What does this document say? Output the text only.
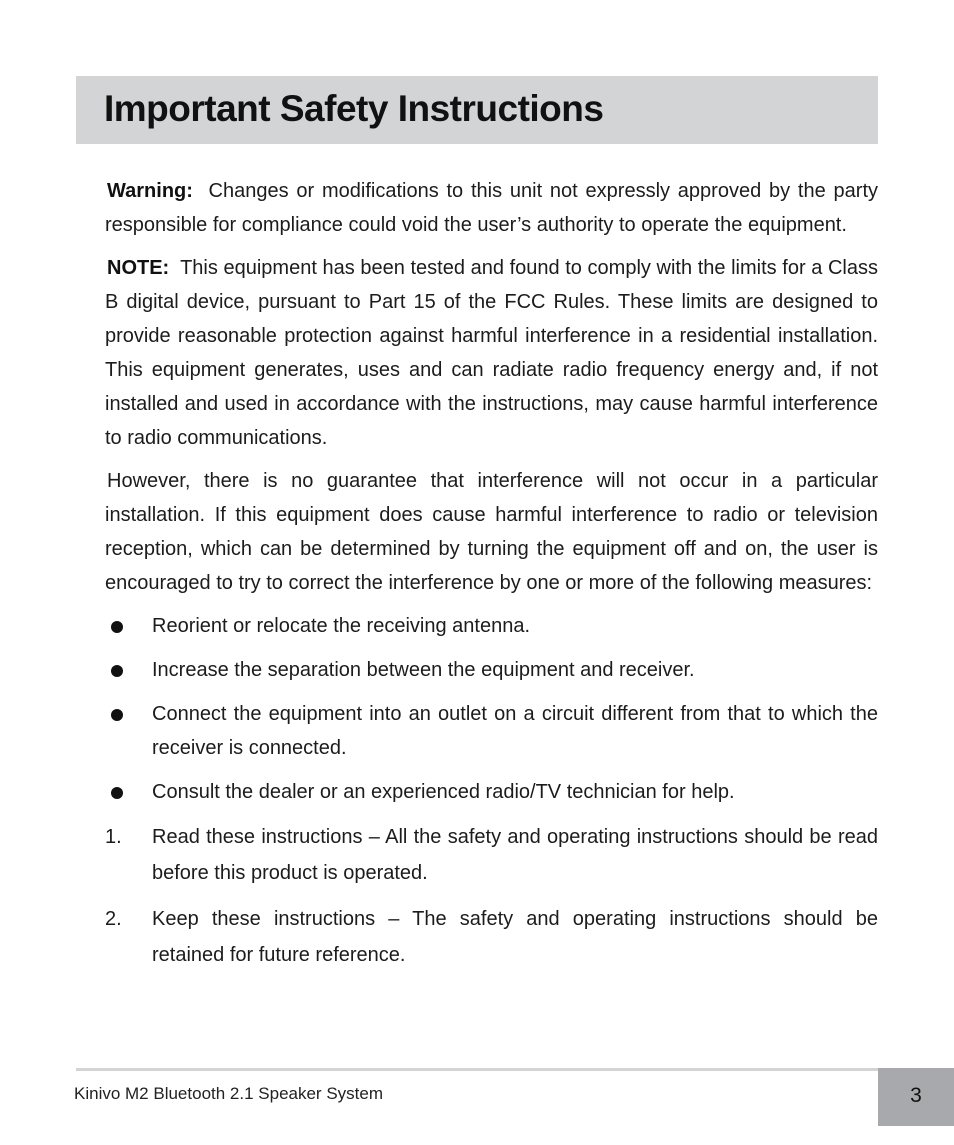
Important Safety Instructions

Warning: Changes or modifications to this unit not expressly approved by the party responsible for compliance could void the user’s authority to operate the equipment.

NOTE: This equipment has been tested and found to comply with the limits for a Class B digital device, pursuant to Part 15 of the FCC Rules. These limits are designed to provide reasonable protection against harmful interference in a residential installation. This equipment generates, uses and can radiate radio frequency energy and, if not installed and used in accordance with the instructions, may cause harmful interference to radio communications.

However, there is no guarantee that interference will not occur in a particular installation. If this equipment does cause harmful interference to radio or television reception, which can be determined by turning the equipment off and on, the user is encouraged to try to correct the interference by one or more of the following measures:

Reorient or relocate the receiving antenna.
Increase the separation between the equipment and receiver.
Connect the equipment into an outlet on a circuit different from that to which the receiver is connected.
Consult the dealer or an experienced radio/TV technician for help.
1. Read these instructions – All the safety and operating instructions should be read before this product is operated.
2. Keep these instructions – The safety and operating instructions should be retained for future reference.
Kinivo M2 Bluetooth 2.1 Speaker System	3
